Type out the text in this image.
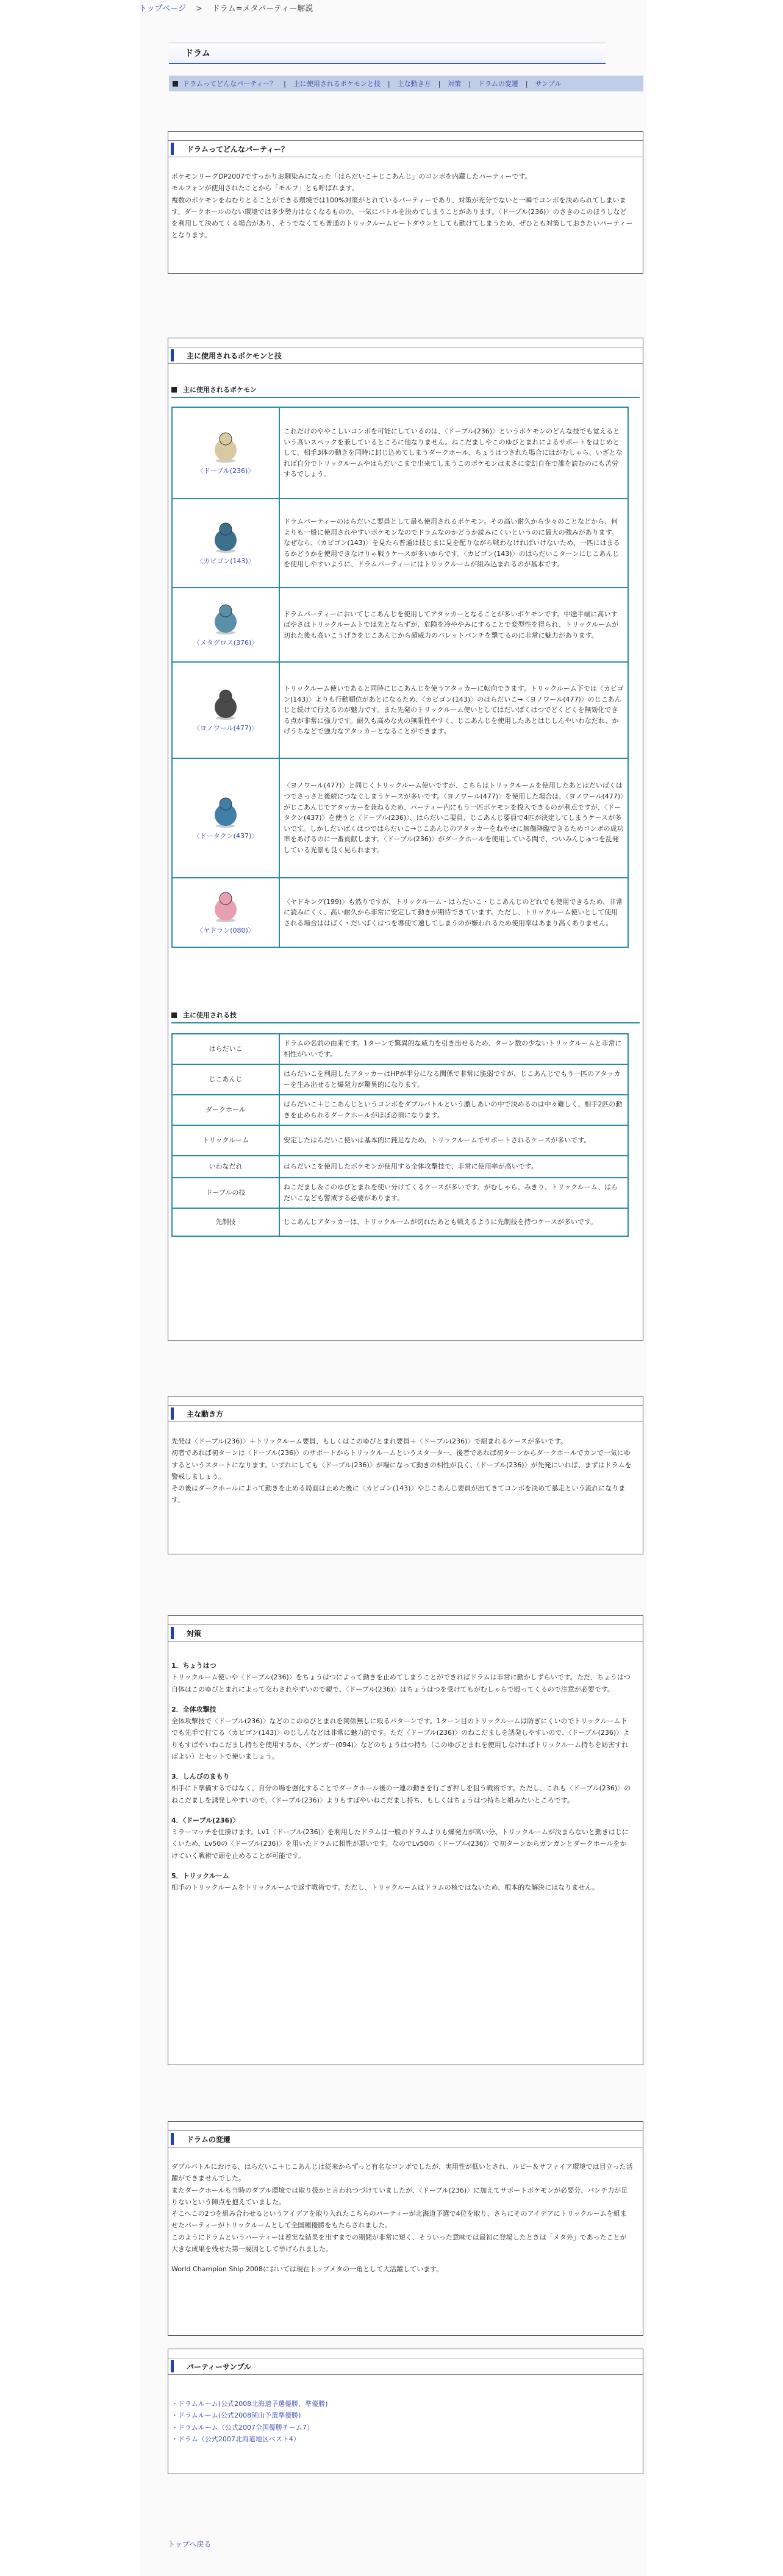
トップページ > ドラム=メタパーティー解説
ドラム
ドラムってどんなパーティー？ | 主に使用されるポケモンと技 | 主な動き方 | 対策 | ドラムの変遷 | サンプル
ドラムってどんなパーティー？

ポケモンリーグDP2007ですっかりお馴染みになった「はらだいこ＋じこあんじ」のコンボを内蔵したパーティーです。

モルフォンが使用されたことから「モルフ」とも呼ばれます。

複数のポケモンをねむりとることができる環境では100%対策がとれているパーティーであり、対策が充分でないと一瞬でコンボを決められてしまいます。ダークホールのない環境では多少勢力はなくなるものの、一気にバトルを決めてしまうことがあります。〈ドーブル(236)〉のさきのこのほうしなどを利用して決めてくる場合があり、そうでなくても普通のトリックルームビートダウンとしても動けてしまうため、ぜひとも対策しておきたいパーティーとなります。

主に使用されるポケモンと技
主に使用されるポケモン
〈ドーブル(236)〉	これだけのややこしいコンボを可能にしているのは、〈ドーブル(236)〉というポケモンのどんな技でも覚えるという高いスペックを兼しているところに他なりません。ねこだましやこのゆびとまれによるサポートをはじめとして、相手3体の動きを同時に封じ込めてしまうダークホール、ちょうはつされた場合にはがむしゃら、いざとなれば自分でトリックルームやはらだいこまで出来てしまうこのポケモンはまさに変幻自在で誰を読むのにも苦労するでしょう。

〈カビゴン(143)〉	ドラムパーティーのはらだいこ要員として最も使用されるポケモン。その高い耐久から少々のことなどから、何よりも一般に使用されやすいポケモンなのでドラムなのかどうか読みにくいというのに最大の強みがあります。なぜなら、〈カビゴン(143)〉を見たら普通は技じまに見を配りながら戦わなければいけないため、一匹にはまるるかどうかを使用できなけりゃ戦うケースが多いからです。〈カビゴン(143)〉のはらだいこターンにじこあんじを使用しやすいように、ドラムパーティーにはトリックルームが組み込まれるのが基本です。

〈メタグロス(376)〉	ドラムパーティーにおいてじこあんじを使用してアタッカーとなることが多いポケモンです。中途半端に高いすばやさはトリックルームトでは先とならずが、危険を冷ややみにすることで変型性を得られ、トリックルームが切れた後も高いこうげきをじこあんじから超威力のバレットパンチを撃てるのに非常に魅力があります。

〈ヨノワール(477)〉	トリックルーム使いであると同時にじこあんじを使うアタッカーに転向できます。トリックルーム下では〈カビゴン(143)〉よりも行動順位があとになるため、〈カビゴン(143)〉のはらだいこ→〈ヨノワール(477)〉のじこあんじと続けて行えるのが魅力です。また先発のトリックルーム使いとしてはだいばくはつでどくどくを無効化できる点が非常に強力です。耐久も高めな火の無限性やすく、じこあんじを使用したあとはじしんやいわなだれ、かげうちなどで強力なアタッカーとなることができます。

〈ドータクン(437)〉	〈ヨノワール(477)〉と同じくトリックルーム使いですが、こちらはトリックルームを使用したあとはだいばくはつでさっさと後続につなぐしまうケースが多いです。〈ヨノワール(477)〉を使用した場合は、〈ヨノワール(477)〉がじこあんじでアタッカーを兼ねるため、パーティー内にもう一匹ポケモンを投入できるのが利点ですが、〈ドータクン(437)〉を使うと〈ドーブル(236)〉、はらだいこ要員、じこあんじ要員で4匹が決定してしまうケースが多いです。しかしだいばくはつではらだいこ→じこあんじのアタッカーをねやせに無傷降臨できるためコンボの成功率をあげるのに一番貢献します。〈ドーブル(236)〉がダークホールを使用している間で、ついみんじゅつを乱発している光景も良く見られます。

〈ヤドラン(080)〉	〈ヤドキング(199)〉も然りですが、トリックルーム・はらだいこ・じこあんじのどれでも使用できるため、非常に読みにくく、高い耐久から非常に安定して動きが期待できています。ただし、トリックルーム使いとして使用される場合ははばく・だいばくはつを導使て速してしまうのが嫌われるため使用率はあまり高くありません。
主に使用される技
はらだいこ	ドラムの名前の由来です。1ターンで驚異的な威力を引き出せるため、ターン数の少ないトリックルームと非常に相性がいいです。
じこあんじ	はらだいこを利用したアタッカーはHPが半分になる関係で非常に脆弱ですが、じこあんじでもう一匹のアタッカーを生み出せると爆発力が驚異的になります。
ダークホール	はらだいこ＋じこあんじというコンボをダブルバトルという激しあいの中で決めるのは中々難しく、相手2匹の動きを止められるダークホールがほぼ必須になります。
トリックルーム	安定したはらだいこ使いは基本的に鈍足なため、トリックルームでサポートされるケースが多いです。
いわなだれ	はらだいこを使用したポケモンが使用する全体攻撃技で、非常に使用率が高いです。
ドーブルの技	ねこだまし＆このゆびとまれを使い分けてくるケースが多いです。がむしゃら、みきり、トリックルーム、はらだいこなども警戒する必要があります。
先制技	じこあんじアタッカーは、トリックルームが切れたあとも戦えるように先制技を持つケースが多いです。
主な動き方

先発は〈ドーブル(236)〉＋トリックルーム要員、もしくはこのゆびとまれ要員＋〈ドーブル(236)〉で組まれるケースが多いです。

初者であれば初ターンは〈ドーブル(236)〉のサポートからトリックルームというスターター、後者であれば初ターンからダークホールでカンで一気にゆするというスタートになります。いずれにしても〈ドーブル(236)〉が場になって動きの相性が良く、〈ドーブル(236)〉が先発にいれば、まずはドラムを警戒しましょう。

その後はダークホールによって動きを止める局面は止めた後に〈カビゴン(143)〉やじこあんじ要員が出てきてコンボを決めて暴走という流れになります。

対策
1．ちょうはつ

トリックルーム使いや〈ドーブル(236)〉をちょうはつによって動きを止めてしまうことができればドラムは非常に動かしずらいです。ただ、ちょうはつ自体はこのゆびとまれによって交わされやすいので親で、〈ドーブル(236)〉はちょうはつを受けてもがむしゃらで殴ってくるので注意が必要です。

2．全体攻撃技

全体攻撃技で〈ドーブル(236)〉などのこのゆびとまれを関係無しに殴るパターンです。1ターン目のトリックルームは防ぎにくいのでトリックルーム下でも先手で打てる〈カビゴン(143)〉のじしんなどは非常に魅力的です。ただ〈ドーブル(236)〉のねこだましを誘発しやすいので、〈ドーブル(236)〉よりもすばやいねこだまし持ちを使用するか、〈ゲンガー(094)〉などのちょうはつ持ち（このゆびとまれを使用しなければトリックルーム持ちを妨害すればよい）とセットで使いましょう。

3．しんぴのまもり

相手に下準備するではなく、自分の場を強化することでダークホール後の一連の動きを行ごぎ押しを狙う戦術です。ただし、これも〈ドーブル(236)〉のねこだましを誘発しやすいので、〈ドーブル(236)〉よりもすばやいねこだまし持ち、もしくはちょうはつ持ちと組みたいところです。

4．〈ドーブル(236)〉

ミラーマッチを仕掛けます。Lv1〈ドーブル(236)〉を利用したドラムは一般のドラムよりも爆発力が高い分、トリックルームが決まらないと動きはじにくいため、Lv50の〈ドーブル(236)〉を用いたドラムに相性が悪いです。なのでLv50の〈ドーブル(236)〉で初ターンからガンガンとダークホールをかけていく戦術で頭を止めることが可能です。

5．トリックルーム

相手のトリックルームをトリックルームで返す戦術です。ただし、トリックルームはドラムの核ではないため、根本的な解決にはなりません。

ドラムの変遷

ダブルバトルにおける、はらだいこ＋じこあんじは従来からずっと有名なコンボでしたが、実用性が低いとされ、ルビー＆サファイア環境では目立った活躍ができませんでした。

またダークホールも当時のダブル環境では取り扱かと言われつづけていましたが、〈ドーブル(236)〉に加えてサポートポケモンが必要分、パンチ力が足りないという陣点を抱えていました。

そこへこの2つを組み合わせるというアイデアを取り入れたこちらのパーティーが北海道予選で4位を取り、さらにそのアイデアにトリックルームを組ませたパーティーがトリックルームとして全国種優勝をもたらされました。

このようにドラムというパーティーは着実な結果を出すまでの期間が非常に短く、そういった意味では最初に登場したときは「メタ外」であったことが大きな成果を残せた第一要因として挙げられました。

World Champion Ship 2008においては現在トップメタの一角として大活躍しています。

パーティーサンプル
・ドラムルーム(公式2008北海道予選優勝、準優勝)
・ドラムルーム(公式2008関山予選準優勝)
・ドラムルーム（公式2007全国優勝チーム7）
・ドラム（公式2007北海道地区ベスト4）
トップへ戻る
